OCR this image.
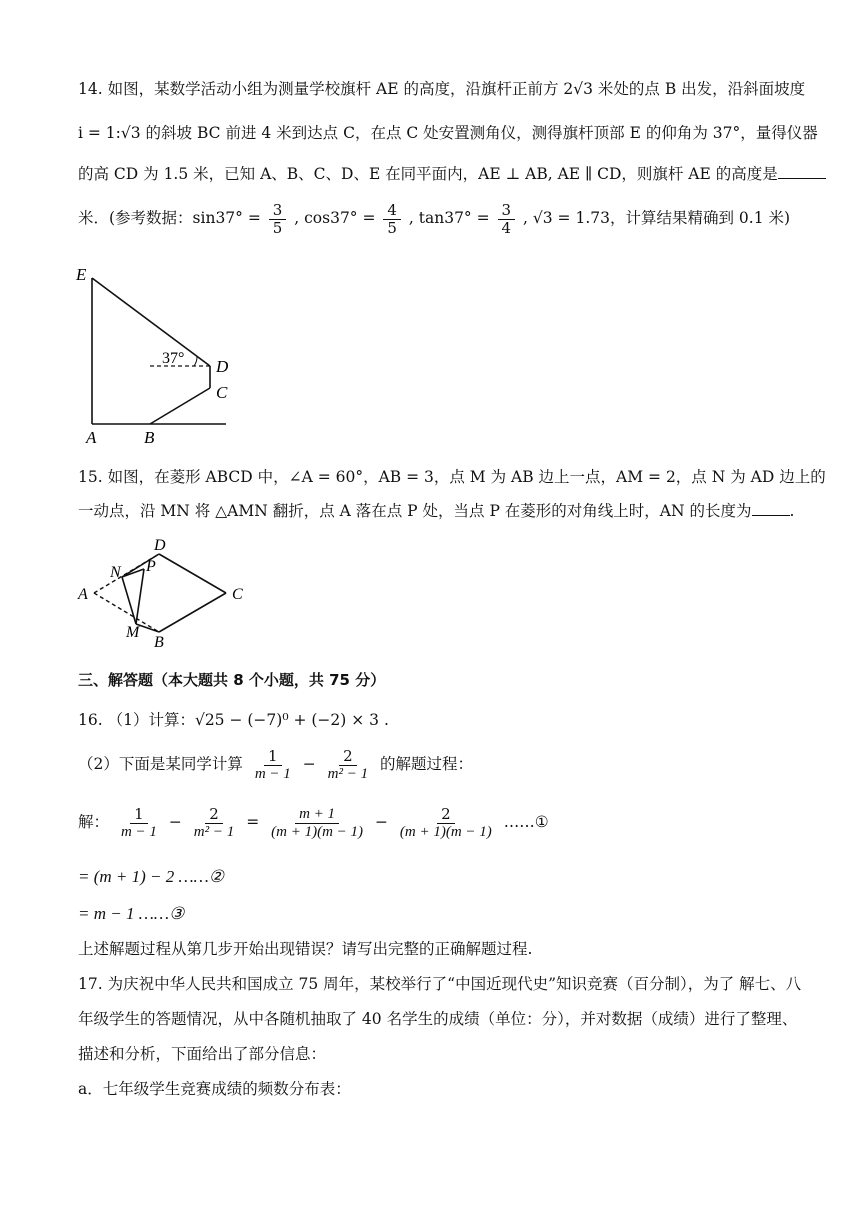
14. 如图，某数学活动小组为测量学校旗杆 AE 的高度，沿旗杆正前方 2√3 米处的点 B 出发，沿斜面坡度
i = 1:√3 的斜坡 BC 前进 4 米到达点 C，在点 C 处安置测角仪，测得旗杆顶部 E 的仰角为 37°，量得仪器
的高 CD 为 1.5 米，已知 A、B、C、D、E 在同平面内，AE ⊥ AB, AE ∥ CD，则旗杆 AE 的高度是
米．(参考数据：$\sin 37^\circ = \frac{3}{5}$ , $\cos 37^\circ = \frac{4}{5}$ , $\tan 37^\circ = \frac{3}{4}$ , √3 = 1.73，计算结果精确到 0.1 米)
E
D
C
A	B
37°
15. 如图，在菱形 ABCD 中，∠A = 60°，AB = 3，点 M 为 AB 边上一点，AM = 2，点 N 为 AD 边上的
一动点，沿 MN 将 △AMN 翻折，点 A 落在点 P 处，当点 P 在菱形的对角线上时，AN 的长度为 .
D
N P
A	C
M
B
三、解答题（本大题共 8 个小题，共 75 分）
16. （1）计算：√25 − (−7)⁰ + (−2) × 3 .
（2）下面是某同学计算 $\frac{1}{m - 1} - \frac{2}{\text{m² − 1}}$ 的解题过程：
解： $\frac{1}{m - 1} - \frac{2}{\text{m² − 1}} = \frac{m + 1}{(m + 1)(m - 1)} - \frac{2}{(m + 1)(m - 1)}$ ……①
= (m + 1) − 2 ……②
= m − 1 ……③
上述解题过程从第几步开始出现错误？请写出完整的正确解题过程.
17. 为庆祝中华人民共和国成立 75 周年，某校举行了“中国近现代史”知识竞赛（百分制），为了 解七、八
年级学生的答题情况，从中各随机抽取了 40 名学生的成绩（单位：分），并对数据（成绩）进行了整理、
描述和分析，下面给出了部分信息：
a．七年级学生竞赛成绩的频数分布表：
